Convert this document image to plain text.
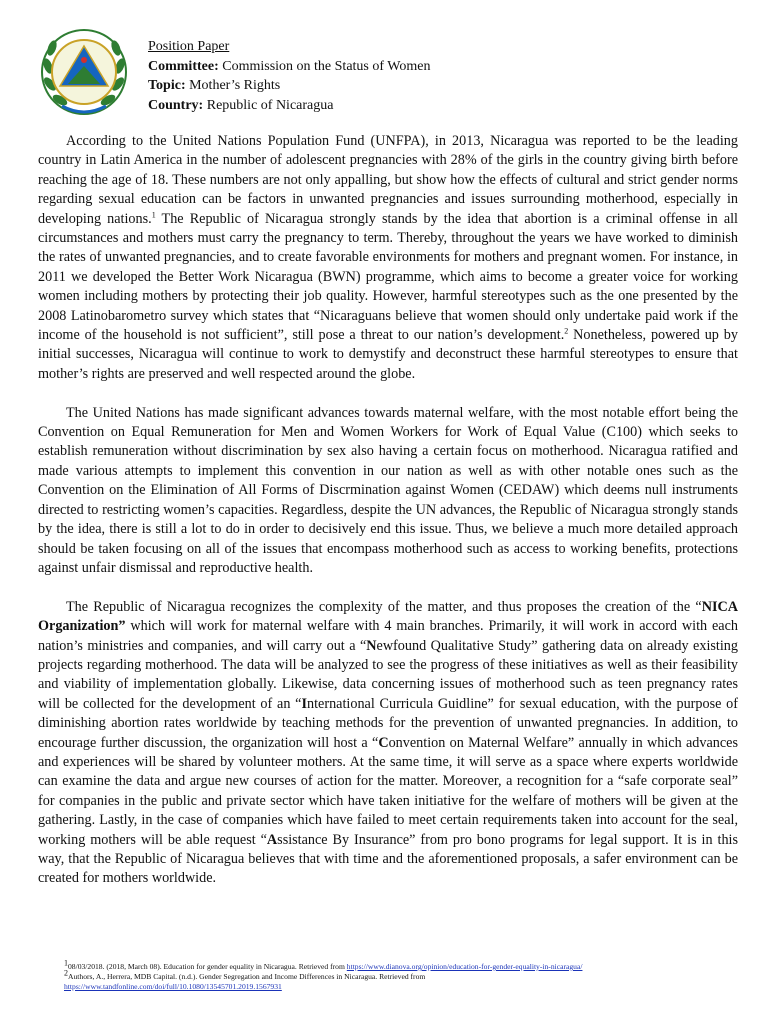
Position Paper
Committee: Commission on the Status of Women
Topic: Mother’s Rights
Country: Republic of Nicaragua

According to the United Nations Population Fund (UNFPA), in 2013, Nicaragua was reported to be the leading country in Latin America in the number of adolescent pregnancies with 28% of the girls in the country giving birth before reaching the age of 18. These numbers are not only appalling, but show how the effects of cultural and strict gender norms regarding sexual education can be factors in unwanted pregnancies and issues surrounding motherhood, especially in developing nations.$^1$ The Republic of Nicaragua strongly stands by the idea that abortion is a criminal offense in all circumstances and mothers must carry the pregnancy to term. Thereby, throughout the years we have worked to diminish the rates of unwanted pregnancies, and to create favorable environments for mothers and pregnant women. For instance, in 2011 we developed the Better Work Nicaragua (BWN) programme, which aims to become a greater voice for working women including mothers by protecting their job quality. However, harmful stereotypes such as the one presented by the 2008 Latinobarometro survey which states that “Nicaraguans believe that women should only undertake paid work if the income of the household is not sufficient”, still pose a threat to our nation’s development.$^2$ Nonetheless, powered up by initial successes, Nicaragua will continue to work to demystify and deconstruct these harmful stereotypes to ensure that mother’s rights are preserved and well respected around the globe.

The United Nations has made significant advances towards maternal welfare, with the most notable effort being the Convention on Equal Remuneration for Men and Women Workers for Work of Equal Value (C100) which seeks to establish remuneration without discrimination by sex also having a certain focus on motherhood. Nicaragua ratified and made various attempts to implement this convention in our nation as well as with other notable ones such as the Convention on the Elimination of All Forms of Discrmination against Women (CEDAW) which deems null instruments directed to restricting women’s capacities. Regardless, despite the UN advances, the Republic of Nicaragua strongly stands by the idea, there is still a lot to do in order to decisively end this issue. Thus, we believe a much more detailed approach should be taken focusing on all of the issues that encompass motherhood such as access to working benefits, protections against unfair dismissal and reproductive health.

The Republic of Nicaragua recognizes the complexity of the matter, and thus proposes the creation of the “NICA Organization” which will work for maternal welfare with 4 main branches. Primarily, it will work in accord with each nation’s ministries and companies, and will carry out a “Newfound Qualitative Study” gathering data on already existing projects regarding motherhood. The data will be analyzed to see the progress of these initiatives as well as their feasibility and viability of implementation globally. Likewise, data concerning issues of motherhood such as teen pregnancy rates will be collected for the development of an “International Curricula Guidline” for sexual education, with the purpose of diminishing abortion rates worldwide by teaching methods for the prevention of unwanted pregnancies. In addition, to encourage further discussion, the organization will host a “Convention on Maternal Welfare” annually in which advances and experiences will be shared by volunteer mothers. At the same time, it will serve as a space where experts worldwide can examine the data and argue new courses of action for the matter. Moreover, a recognition for a “safe corporate seal” for companies in the public and private sector which have taken initiative for the welfare of mothers will be given at the gathering. Lastly, in the case of companies which have failed to meet certain requirements taken into account for the seal, working mothers will be able request “Assistance By Insurance” from pro bono programs for legal support. It is in this way, that the Republic of Nicaragua believes that with time and the aforementioned proposals, a safer environment can be created for mothers worldwide.

$^1$08/03/2018. (2018, March 08). Education for gender equality in Nicaragua. Retrieved from https://www.dianova.org/opinion/education-for-gender-equality-in-nicaragua/
$^2$Authors, A., Herrera, MDB Capital. (n.d.). Gender Segregation and Income Differences in Nicaragua. Retrieved from
https://www.tandfonline.com/doi/full/10.1080/13545701.2019.1567931
